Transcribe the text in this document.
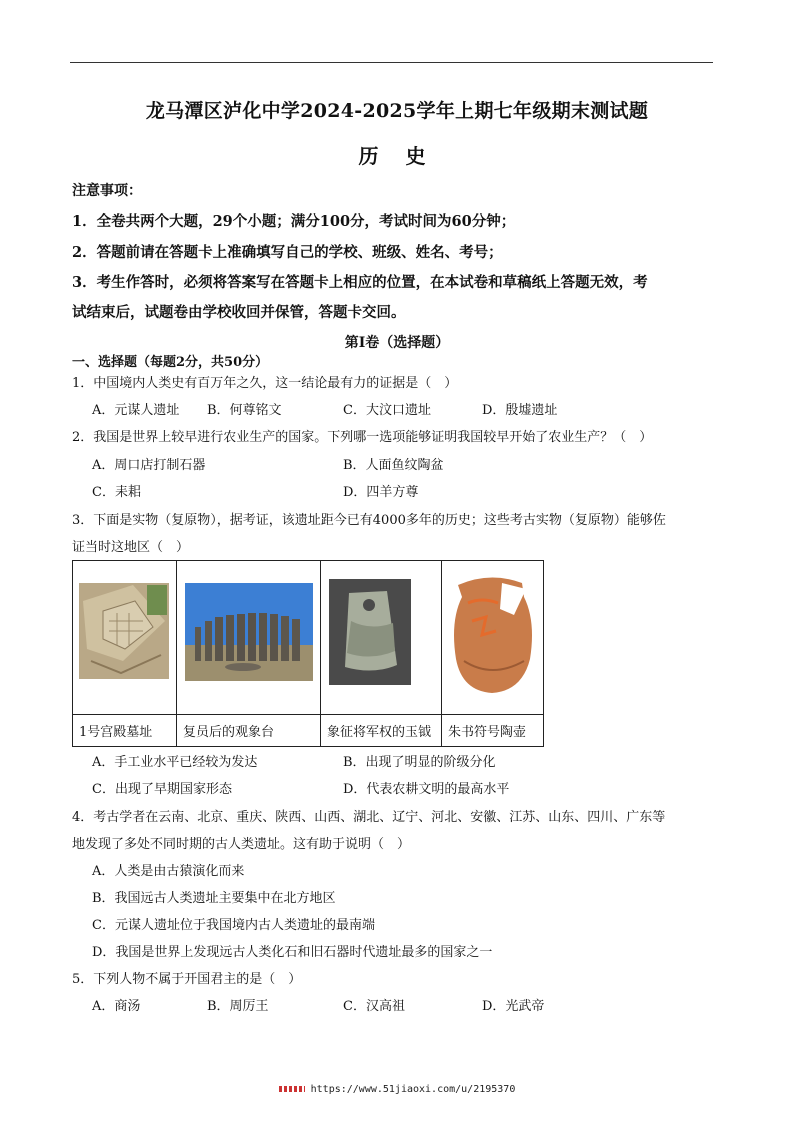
龙马潭区泸化中学2024-2025学年上期七年级期末测试题
历 史
注意事项：
1．全卷共两个大题，29个小题；满分100分，考试时间为60分钟；
2．答题前请在答题卡上准确填写自己的学校、班级、姓名、考号；
3．考生作答时，必须将答案写在答题卡上相应的位置，在本试卷和草稿纸上答题无效，考
试结束后，试题卷由学校收回并保管，答题卡交回。
第Ⅰ卷（选择题）
一、选择题（每题2分，共50分）
1．中国境内人类史有百万年之久，这一结论最有力的证据是（　）
A．元谋人遗址 B．何尊铭文	C．大汶口遗址	D．殷墟遗址
2．我国是世界上较早进行农业生产的国家。下列哪一选项能够证明我国较早开始了农业生产？（　）
A．周口店打制石器	B．人面鱼纹陶盆
C．耒耜	D．四羊方尊
3．下面是实物（复原物），据考证，该遗址距今已有4000多年的历史；这些考古实物（复原物）能够佐
证当时这地区（　）

1号宫殿墓址	复员后的观象台	象征将军权的玉钺	朱书符号陶壶
A．手工业水平已经较为发达	B．出现了明显的阶级分化
C．出现了早期国家形态	D．代表农耕文明的最高水平
4．考古学者在云南、北京、重庆、陕西、山西、湖北、辽宁、河北、安徽、江苏、山东、四川、广东等
地发现了多处不同时期的古人类遗址。这有助于说明（　）
A．人类是由古猿演化而来
B．我国远古人类遗址主要集中在北方地区
C．元谋人遗址位于我国境内古人类遗址的最南端
D．我国是世界上发现远古人类化石和旧石器时代遗址最多的国家之一
5．下列人物不属于开国君主的是（　）
A．商汤	B．周厉王	C．汉高祖	D．光武帝
https://www.51jiaoxi.com/u/2195370
